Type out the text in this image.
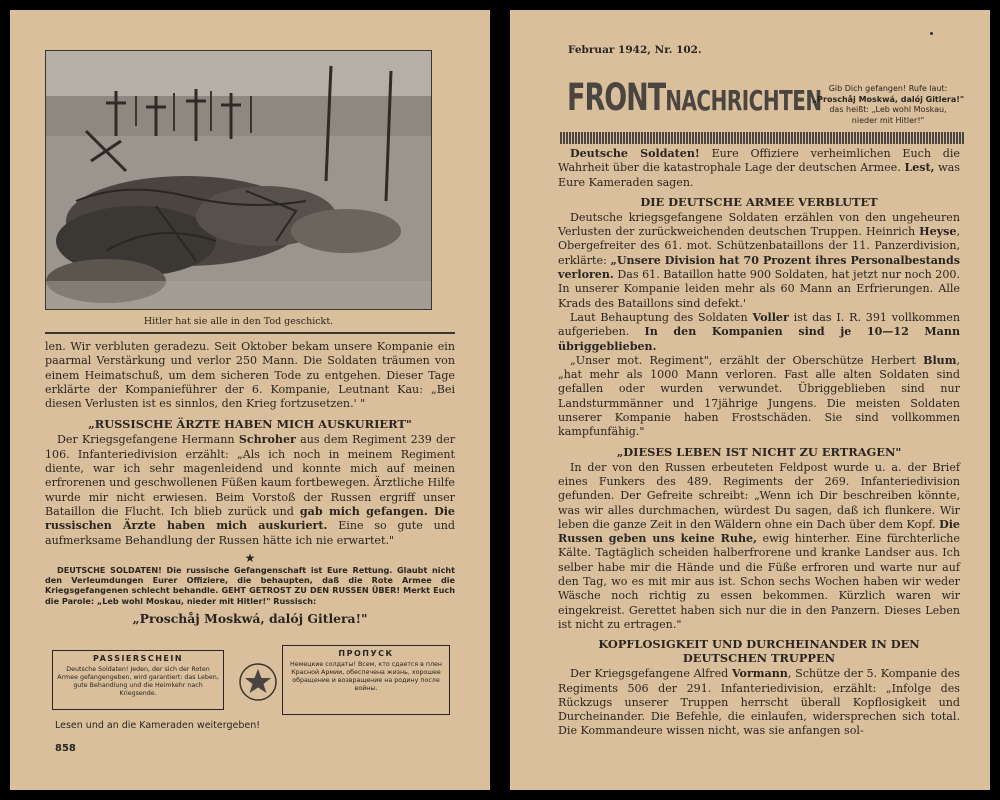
Hitler hat sie alle in den Tod geschickt.

len. Wir verbluten geradezu. Seit Oktober bekam unsere Kompanie ein paarmal Verstärkung und verlor 250 Mann. Die Soldaten träumen von einem Heimatschuß, um dem sicheren Tode zu entgehen. Dieser Tage erklärte der Kompanieführer der 6. Kompanie, Leutnant Kau: „Bei diesen Verlusten ist es sinnlos, den Krieg fortzusetzen.' "

„RUSSISCHE ÄRZTE HABEN MICH AUSKURIERT"

Der Kriegsgefangene Hermann Schroher aus dem Regiment 239 der 106. Infanteriedivision erzählt: „Als ich noch in meinem Regiment diente, war ich sehr magenleidend und konnte mich auf meinen erfrorenen und geschwollenen Füßen kaum fortbewegen. Ärztliche Hilfe wurde mir nicht erwiesen. Beim Vorstoß der Russen ergriff unser Bataillon die Flucht. Ich blieb zurück und gab mich gefangen. Die russischen Ärzte haben mich auskuriert. Eine so gute und aufmerksame Behandlung der Russen hätte ich nie erwartet."

★
DEUTSCHE SOLDATEN! Die russische Gefangenschaft ist Eure Rettung. Glaubt nicht den Verleumdungen Eurer Offiziere, die behaupten, daß die Rote Armee die Kriegsgefangenen schlecht behandle. GEHT GETROST ZU DEN RUSSEN ÜBER! Merkt Euch die Parole: „Leb wohl Moskau, nieder mit Hitler!" Russisch:
„Proschåj Moskwá, dalój Gitlera!"
PASSIERSCHEIN
Deutsche Soldaten! Jeden, der sich der Roten Armee gefangengeben, wird garantiert: das Leben, gute Behandlung und die Heimkehr nach Kriegsende.
ПРОПУСК
Немецкие солдаты! Всем, кто сдается в плен Красной Армии, обеспечена жизнь, хорошее обращение и возвращение на родину после войны.
Lesen und an die Kameraden weitergeben!
858
Februar 1942, Nr. 102.
FRONTNACHRICHTEN Gib Dich gefangen! Rufe laut:
„Proschåj Moskwá, dalój Gitlera!"
das heißt: „Leb wohl Moskau,
nieder mit Hitler!"

Deutsche Soldaten! Eure Offiziere verheimlichen Euch die Wahrheit über die katastrophale Lage der deutschen Armee. Lest, was Eure Kameraden sagen.

DIE DEUTSCHE ARMEE VERBLUTET

Deutsche kriegsgefangene Soldaten erzählen von den ungeheuren Verlusten der zurückweichenden deutschen Truppen. Heinrich Heyse, Obergefreiter des 61. mot. Schützenbataillons der 11. Panzerdivision, erklärte: „Unsere Division hat 70 Prozent ihres Personalbestands verloren. Das 61. Bataillon hatte 900 Soldaten, hat jetzt nur noch 200. In unserer Kompanie leiden mehr als 60 Mann an Erfrierungen. Alle Krads des Bataillons sind defekt.'

Laut Behauptung des Soldaten Voller ist das I. R. 391 vollkommen aufgerieben. In den Kompanien sind je 10—12 Mann übriggeblieben.

„Unser mot. Regiment", erzählt der Oberschütze Herbert Blum, „hat mehr als 1000 Mann verloren. Fast alle alten Soldaten sind gefallen oder wurden verwundet. Übriggeblieben sind nur Landsturmmänner und 17jährige Jungens. Die meisten Soldaten unserer Kompanie haben Frostschäden. Sie sind vollkommen kampfunfähig."

„DIESES LEBEN IST NICHT ZU ERTRAGEN"

In der von den Russen erbeuteten Feldpost wurde u. a. der Brief eines Funkers des 489. Regiments der 269. Infanteriedivision gefunden. Der Gefreite schreibt: „Wenn ich Dir beschreiben könnte, was wir alles durchmachen, würdest Du sagen, daß ich flunkere. Wir leben die ganze Zeit in den Wäldern ohne ein Dach über dem Kopf. Die Russen geben uns keine Ruhe, ewig hinterher. Eine fürchterliche Kälte. Tagtäglich scheiden halberfrorene und kranke Landser aus. Ich selber habe mir die Hände und die Füße erfroren und warte nur auf den Tag, wo es mit mir aus ist. Schon sechs Wochen haben wir weder Wäsche noch richtig zu essen bekommen. Kürzlich waren wir eingekreist. Gerettet haben sich nur die in den Panzern. Dieses Leben ist nicht zu ertragen."

KOPFLOSIGKEIT UND DURCHEINANDER IN DEN
DEUTSCHEN TRUPPEN

Der Kriegsgefangene Alfred Vormann, Schütze der 5. Kompanie des Regiments 506 der 291. Infanteriedivision, erzählt: „Infolge des Rückzugs unserer Truppen herrscht überall Kopflosigkeit und Durcheinander. Die Befehle, die einlaufen, widersprechen sich total. Die Kommandeure wissen nicht, was sie anfangen sol-
